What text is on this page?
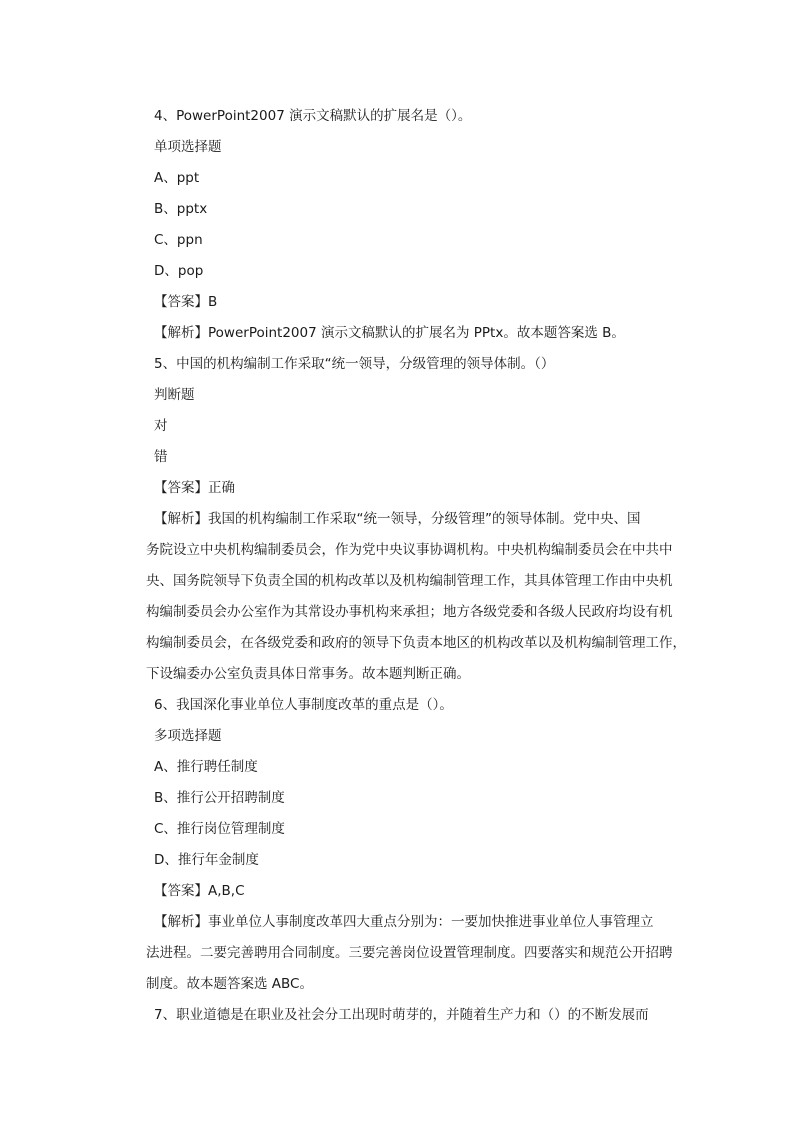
4、PowerPoint2007 演示文稿默认的扩展名是（）。
单项选择题
A、ppt
B、pptx
C、ppn
D、pop
【答案】B
【解析】PowerPoint2007 演示文稿默认的扩展名为 PPtx。故本题答案选 B。
5、中国的机构编制工作采取“统一领导，分级管理的领导体制。（）
判断题
对
错
【答案】正确
【解析】我国的机构编制工作采取“统一领导，分级管理”的领导体制。党中央、国
务院设立中央机构编制委员会，作为党中央议事协调机构。中央机构编制委员会在中共中
央、国务院领导下负责全国的机构改革以及机构编制管理工作，其具体管理工作由中央机
构编制委员会办公室作为其常设办事机构来承担；地方各级党委和各级人民政府均设有机
构编制委员会，在各级党委和政府的领导下负责本地区的机构改革以及机构编制管理工作，
下设编委办公室负责具体日常事务。故本题判断正确。
6、我国深化事业单位人事制度改革的重点是（）。
多项选择题
A、推行聘任制度
B、推行公开招聘制度
C、推行岗位管理制度
D、推行年金制度
【答案】A,B,C
【解析】事业单位人事制度改革四大重点分别为：一要加快推进事业单位人事管理立
法进程。二要完善聘用合同制度。三要完善岗位设置管理制度。四要落实和规范公开招聘
制度。故本题答案选 ABC。
7、职业道德是在职业及社会分工出现时萌芽的，并随着生产力和（）的不断发展而
